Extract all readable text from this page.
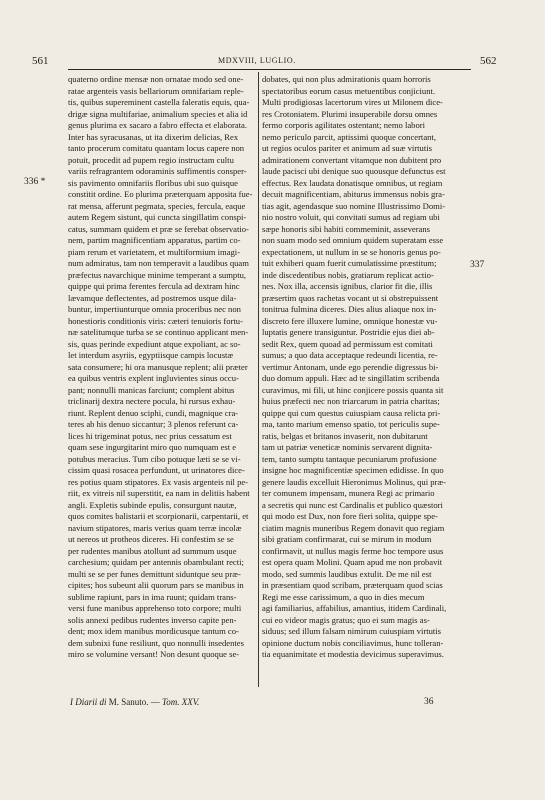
561	MDXVIII, LUGLIO.	562
336 *
337
quaterno ordine mensæ non ornatae modo sed one-
ratae argenteis vasis bellariorum omnifariam reple-
tis, quibus supereminent castella faleratis equis, qua-
drigæ signa multifariae, animalium species et alia id
genus plurima ex sacaro a fabro effecta et elaborata.
Inter has syracusanas, ut ita dixerim delicias, Rex
tanto procerum comitatu quantam locus capere non
potuit, procedit ad pupem regio instructam cultu
variis refragrantem odoraminis suffimentis consper-
sis pavimento omnifariis floribus ubi suo quisque
constitit ordine. Eo plurima præterquam apposita fue-
rat mensa, afferunt pegmata, species, fercula, eaque
autem Regem sistunt, qui cuncta singillatim conspi-
catus, summam quidem et præ se ferebat observatio-
nem, partim magnificentiam apparatus, partim co-
piam rerum et varietatem, et multiformium imagi-
num admiratus, tam non temperavit a laudibus quam
præfectus navarchique minime temperant a sumptu,
quippe qui prima ferentes fercula ad dextram hinc
lævamque deflectentes, ad postremos usque dila-
buntur, impertiunturque omnia proceribus nec non
honestioris conditionis viris: cæteri tenuioris fortu-
næ satelitumque turba se se continuo applicant men-
sis, quas perinde expediunt atque expoliant, ac so-
let interdum asyriis, egyptiisque campis locustæ
sata consumere; hi ora manusque replent; alii præter
ea quibus ventris explent ingluvientes sinus occu-
pant; nonnulli manicas farciunt; complent abitus
triclinarij dextra nectere pocula, hi rursus exhau-
riunt. Replent denuo sciphi, cundi, magnique cra-
teres ab his denuo siccantur; 3 plenos referunt ca-
lices hi trigeminat potus, nec prius cessatum est
quam sese ingurgitarint miro quo numquam est e
potubus meracius. Tum cibo potuque læti se se vi-
cissim quasi rosacea perfundunt, ut urinatores dice-
res potius quam stipatores. Ex vasis argenteis nil pe-
riit, ex vitreis nil superstitit, ea nam in delitiis habent
angli. Expletis subinde epulis, consurgunt nautæ,
quos comites balistarii et scorpionarii, carpentarii, et
navium stipatores, maris verius quam terræ incolæ
ut nereos ut protheos diceres. Hi confestim se se
per rudentes manibus atollunt ad summum usque
carchesium; quidam per antennis obambulant recti;
multi se se per funes demittunt siduntque seu præ-
cipites; hos subeunt alii quorum pars se manibus in
sublime rapiunt, pars in ima ruunt; quidam trans-
versi fune manibus apprehenso toto corpore; multi
solis annexi pedibus rudentes inverso capite pen-
dent; mox idem manibus mordicusque tantum co-
dem subnixi fune resiliunt, quo nonnulli insedentes
miro se volumine versant! Non desunt quoque se-
dobates, qui non plus admirationis quam horroris
spectatoribus eorum casus metuentibus conjiciunt.
Multi prodigiosas lacertorum vires ut Milonem dice-
res Crotoniatem. Plurimi insuperabile dorsu omnes
fermo corporis agilitates ostentant; nemo labori
nemo periculo parcit, aptissimi quoque concertant,
ut regios oculos pariter et animum ad suæ virtutis
admirationem convertant vitamque non dubitent pro
laude pacisci ubi denique suo quousque defunctus est
effectus. Rex laudata donatisque omnibus, ut regiam
decuit magnificentiam, abiturus immensus nobis gra-
tias agit, agendasque suo nomine Illustrissimo Domi-
nio nostro voluit, qui convitati sumus ad regiam ubi
sæpe honoris sibi habiti commeminit, asseverans
non suam modo sed omnium quidem superatam esse
expectationem, ut nullum in se se honoris genus po-
tuit exhiberi quam fuerit cumulatissime præstitum;
inde discedentibus nobis, gratiarum replicat actio-
nes. Nox illa, accensis ignibus, clarior fit die, illis
præsertim quos rachetas vocant ut si obstrepuissent
tonitrua fulmina diceres. Dies alius aliaque nox in-
discreto fere illuxere lumine, omnique honestæ vu-
luptatis genere transiguntur. Postridie ejus diei ab-
sedit Rex, quem quoad ad permissum est comitati
sumus; a quo data acceptaque redeundi licentia, re-
vertimur Antonam, unde ego perendie digressus bi-
duo domum appuli. Hæc ad te singillatim scribenda
curavimus, mi fili, ut hinc conjicere possis quanta sit
huius præfecti nec non triarcarum in patria charitas;
quippe qui cum questus cuiuspiam causa relicta pri-
ma, tanto marium emenso spatio, tot periculis supe-
ratis, belgas et britanos invaserit, non dubitarunt
tam ut patriæ veneticæ nominis servarent dignita-
tem, tanto sumptu tantaque pecuniarum profusione
insigne hoc magnificentiæ specimen edidisse. In quo
genere laudis excelluit Hieronimus Molinus, qui præ-
ter comunem impensam, munera Regi ac primario
a secretis qui nunc est Cardinalis et publico quæstori
qui modo est Dux, non fore fieri solita, quippe spe-
ciatim magnis muneribus Regem donavit quo regiam
sibi gratiam confirmarat, cui se mirum in modum
confirmavit, ut nullus magis ferme hoc tempore usus
est opera quam Molini. Quam apud me non probavit
modo, sed summis laudibus extulit. De me nil est
in præsentiam quod scribam, præterquam quod scias
Regi me esse carissimum, a quo in dies mecum
agi familiarius, affabilius, amantius, itidem Cardinali,
cui eo videor magis gratus; quo ei sum magis as-
siduus; sed illum falsam nimirum cuiuspiam virtutis
opinione ductum nobis conciliavimus, hunc tolleran-
tia equanimitate et modestia devicimus superavimus.
I Diarii di M. Sanuto. — Tom. XXV.	36
